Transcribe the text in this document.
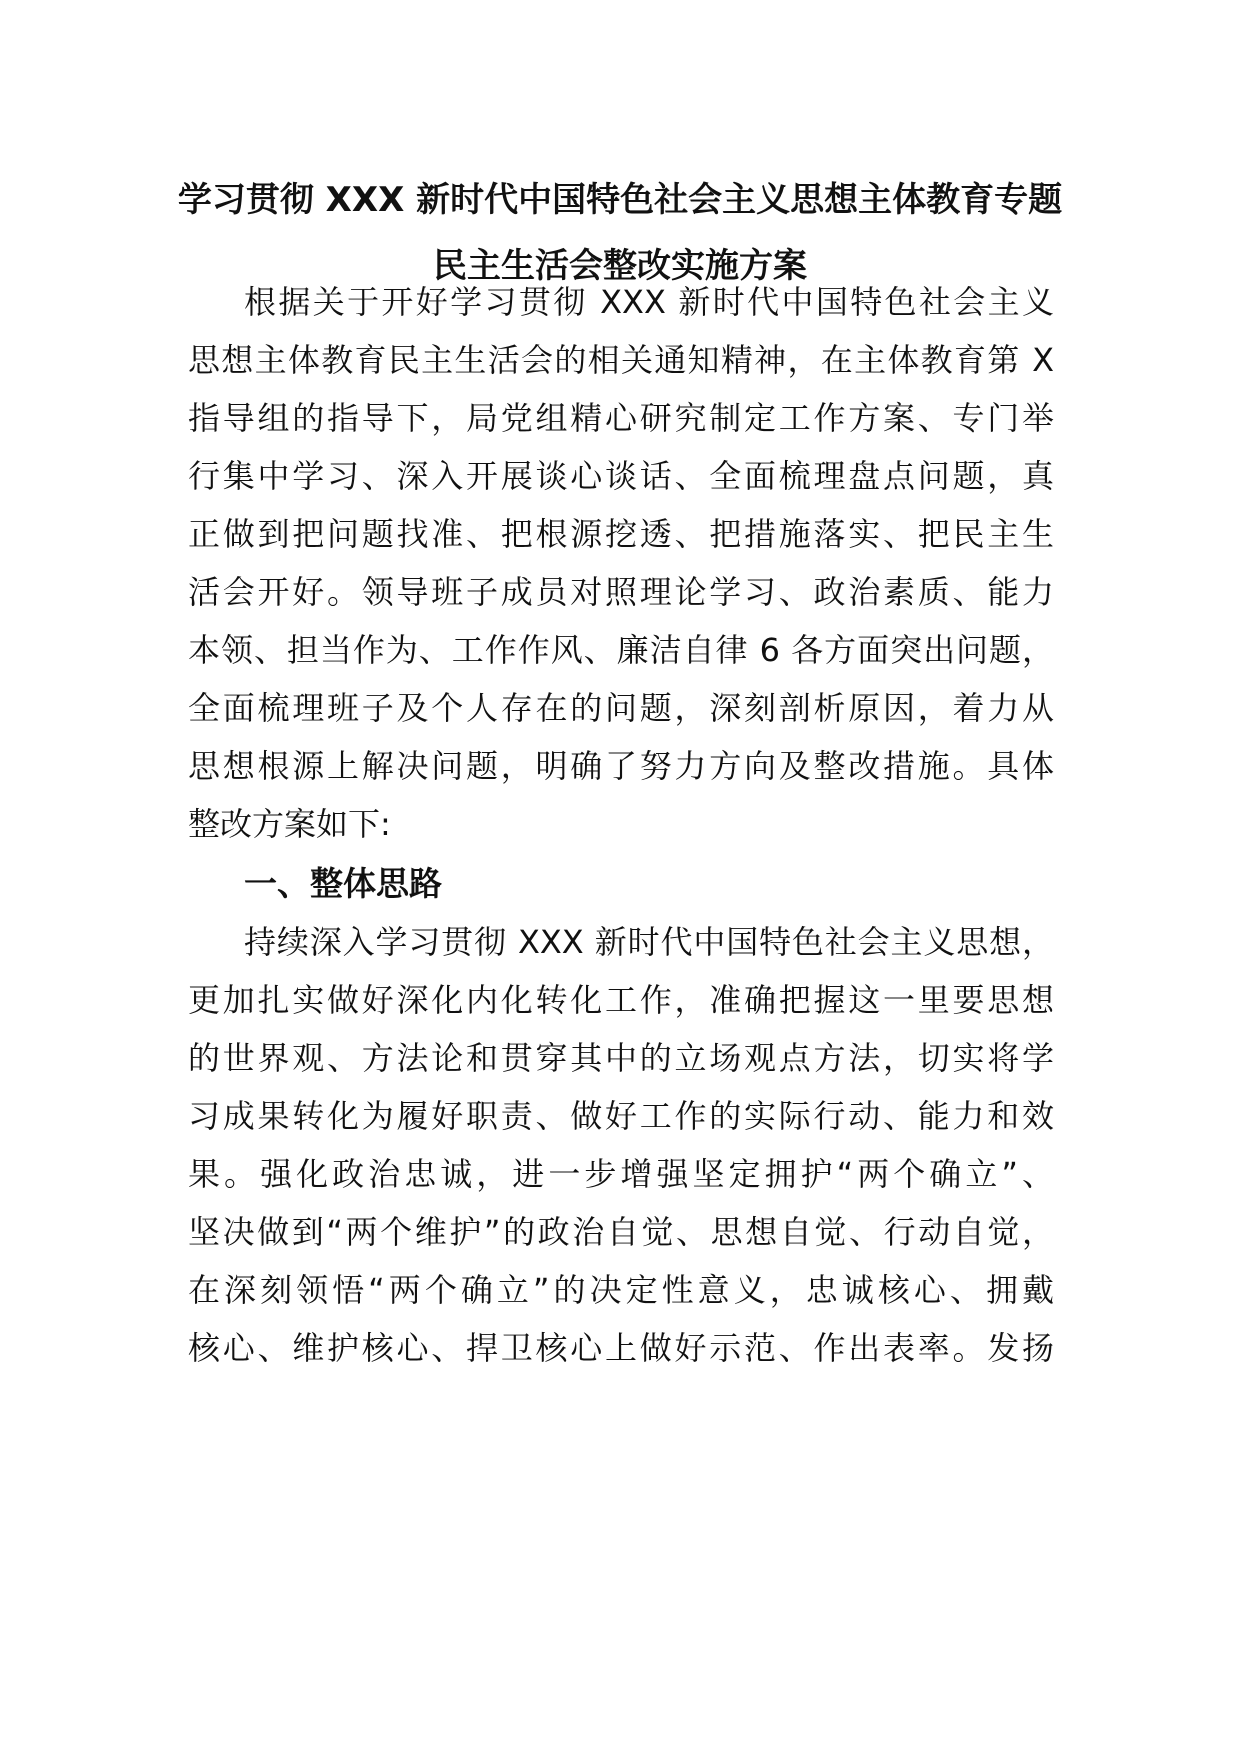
学习贯彻 XXX 新时代中国特色社会主义思想主体教育专题
民主生活会整改实施方案
根据关于开好学习贯彻 XXX 新时代中国特色社会主义
思想主体教育民主生活会的相关通知精神，在主体教育第 X
指导组的指导下，局党组精心研究制定工作方案、专门举
行集中学习、深入开展谈心谈话、全面梳理盘点问题，真
正做到把问题找准、把根源挖透、把措施落实、把民主生
活会开好。领导班子成员对照理论学习、政治素质、能力
本领、担当作为、工作作风、廉洁自律 6 各方面突出问题，
全面梳理班子及个人存在的问题，深刻剖析原因，着力从
思想根源上解决问题，明确了努力方向及整改措施。具体
整改方案如下:
一、整体思路
持续深入学习贯彻 XXX 新时代中国特色社会主义思想，
更加扎实做好深化内化转化工作，准确把握这一里要思想
的世界观、方法论和贯穿其中的立场观点方法，切实将学
习成果转化为履好职责、做好工作的实际行动、能力和效
果。强化政治忠诚，进一步增强坚定拥护“两个确立”、
坚决做到“两个维护”的政治自觉、思想自觉、行动自觉，
在深刻领悟“两个确立”的决定性意义，忠诚核心、拥戴
核心、维护核心、捍卫核心上做好示范、作出表率。发扬
